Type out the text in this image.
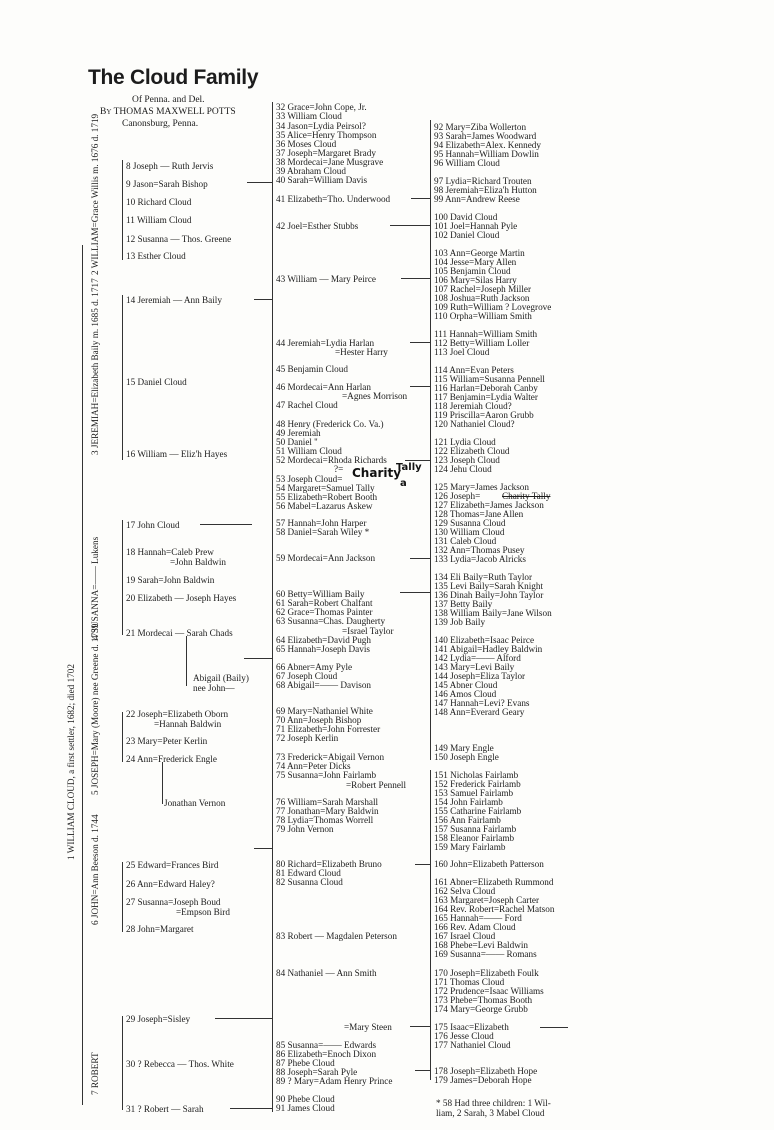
The Cloud Family
Of Penna. and Del.
By THOMAS MAXWELL POTTS
Canonsburg, Penna.
1 WILLIAM CLOUD, a first settler, 1682; died 1702
2 WILLIAM=Grace Willis m. 1676 d. 1719
3 JEREMIAH=Elizabeth Baily m. 1685 d. 1717
4 SUSANNA=—— Lukens
5 JOSEPH=Mary (Moore) nee Greene d. 1739
6 JOHN=Ann Beeson d. 1744
7 ROBERT
Charity
Tally
a
8 Joseph — Ruth Jervis
9 Jason=Sarah Bishop
10 Richard Cloud
11 William Cloud
12 Susanna — Thos. Greene
13 Esther Cloud
14 Jeremiah — Ann Baily
15 Daniel Cloud
16 William — Eliz'h Hayes
17 John Cloud
18 Hannah=Caleb Prew
=John Baldwin
19 Sarah=John Baldwin
20 Elizabeth — Joseph Hayes
21 Mordecai — Sarah Chads
Abigail (Baily)
nee John—
22 Joseph=Elizabeth Oborn
=Hannah Baldwin
23 Mary=Peter Kerlin
24 Ann=Frederick Engle
Jonathan Vernon
25 Edward=Frances Bird
26 Ann=Edward Haley?
27 Susanna=Joseph Boud
=Empson Bird
28 John=Margaret
29 Joseph=Sisley
30 ? Rebecca — Thos. White
31 ? Robert — Sarah
32 Grace=John Cope, Jr.
33 William Cloud
34 Jason=Lydia Peirsol?
35 Alice=Henry Thompson
36 Moses Cloud
37 Joseph=Margaret Brady
38 Mordecai=Jane Musgrave
39 Abraham Cloud
40 Sarah=William Davis
41 Elizabeth=Tho. Underwood
42 Joel=Esther Stubbs
43 William — Mary Peirce
44 Jeremiah=Lydia Harlan
=Hester Harry
45 Benjamin Cloud
46 Mordecai=Ann Harlan
=Agnes Morrison
47 Rachel Cloud
48 Henry (Frederick Co. Va.)
49 Jeremiah
50 Daniel ''
51 William Cloud
52 Mordecai=Rhoda Richards
?=
53 Joseph Cloud=
54 Margaret=Samuel Tally
55 Elizabeth=Robert Booth
56 Mabel=Lazarus Askew
57 Hannah=John Harper
58 Daniel=Sarah Wiley *
59 Mordecai=Ann Jackson
60 Betty=William Baily
61 Sarah=Robert Chalfant
62 Grace=Thomas Painter
63 Susanna=Chas. Daugherty
=Israel Taylor
64 Elizabeth=David Pugh
65 Hannah=Joseph Davis
66 Abner=Amy Pyle
67 Joseph Cloud
68 Abigail=—— Davison
69 Mary=Nathaniel White
70 Ann=Joseph Bishop
71 Elizabeth=John Forrester
72 Joseph Kerlin
73 Frederick=Abigail Vernon
74 Ann=Peter Dicks
75 Susanna=John Fairlamb
=Robert Pennell
76 William=Sarah Marshall
77 Jonathan=Mary Baldwin
78 Lydia=Thomas Worrell
79 John Vernon
80 Richard=Elizabeth Bruno
81 Edward Cloud
82 Susanna Cloud
83 Robert — Magdalen Peterson
84 Nathaniel — Ann Smith
=Mary Steen
85 Susanna=—— Edwards
86 Elizabeth=Enoch Dixon
87 Phebe Cloud
88 Joseph=Sarah Pyle
89 ? Mary=Adam Henry Prince
90 Phebe Cloud
91 James Cloud
92 Mary=Ziba Wollerton
93 Sarah=James Woodward
94 Elizabeth=Alex. Kennedy
95 Hannah=William Dowlin
96 William Cloud
97 Lydia=Richard Trouten
98 Jeremiah=Eliza'h Hutton
99 Ann=Andrew Reese
100 David Cloud
101 Joel=Hannah Pyle
102 Daniel Cloud
103 Ann=George Martin
104 Jesse=Mary Allen
105 Benjamin Cloud
106 Mary=Silas Harry
107 Rachel=Joseph Miller
108 Joshua=Ruth Jackson
109 Ruth=William ? Lovegrove
110 Orpha=William Smith
111 Hannah=William Smith
112 Betty=William Loller
113 Joel Cloud
114 Ann=Evan Peters
115 William=Susanna Pennell
116 Harlan=Deborah Canby
117 Benjamin=Lydia Walter
118 Jeremiah Cloud?
119 Priscilla=Aaron Grubb
120 Nathaniel Cloud?
121 Lydia Cloud
122 Elizabeth Cloud
123 Joseph Cloud
124 Jehu Cloud
125 Mary=James Jackson
126 Joseph= Charity Tally
127 Elizabeth=James Jackson
128 Thomas=Jane Allen
129 Susanna Cloud
130 William Cloud
131 Caleb Cloud
132 Ann=Thomas Pusey
133 Lydia=Jacob Alricks
134 Eli Baily=Ruth Taylor
135 Levi Baily=Sarah Knight
136 Dinah Baily=John Taylor
137 Betty Baily
138 William Baily=Jane Wilson
139 Job Baily
140 Elizabeth=Isaac Peirce
141 Abigail=Hadley Baldwin
142 Lydia=—— Alford
143 Mary=Levi Baily
144 Joseph=Eliza Taylor
145 Abner Cloud
146 Amos Cloud
147 Hannah=Levi? Evans
148 Ann=Everard Geary
149 Mary Engle
150 Joseph Engle
151 Nicholas Fairlamb
152 Frederick Fairlamb
153 Samuel Fairlamb
154 John Fairlamb
155 Catharine Fairlamb
156 Ann Fairlamb
157 Susanna Fairlamb
158 Eleanor Fairlamb
159 Mary Fairlamb
160 John=Elizabeth Patterson
161 Abner=Elizabeth Rummond
162 Selva Cloud
163 Margaret=Joseph Carter
164 Rev. Robert=Rachel Matson
165 Hannah=—— Ford
166 Rev. Adam Cloud
167 Israel Cloud
168 Phebe=Levi Baldwin
169 Susanna=—— Romans
170 Joseph=Elizabeth Foulk
171 Thomas Cloud
172 Prudence=Isaac Williams
173 Phebe=Thomas Booth
174 Mary=George Grubb
175 Isaac=Elizabeth
176 Jesse Cloud
177 Nathaniel Cloud
178 Joseph=Elizabeth Hope
179 James=Deborah Hope
* 58 Had three children: 1 Wil-
liam, 2 Sarah, 3 Mabel Cloud
